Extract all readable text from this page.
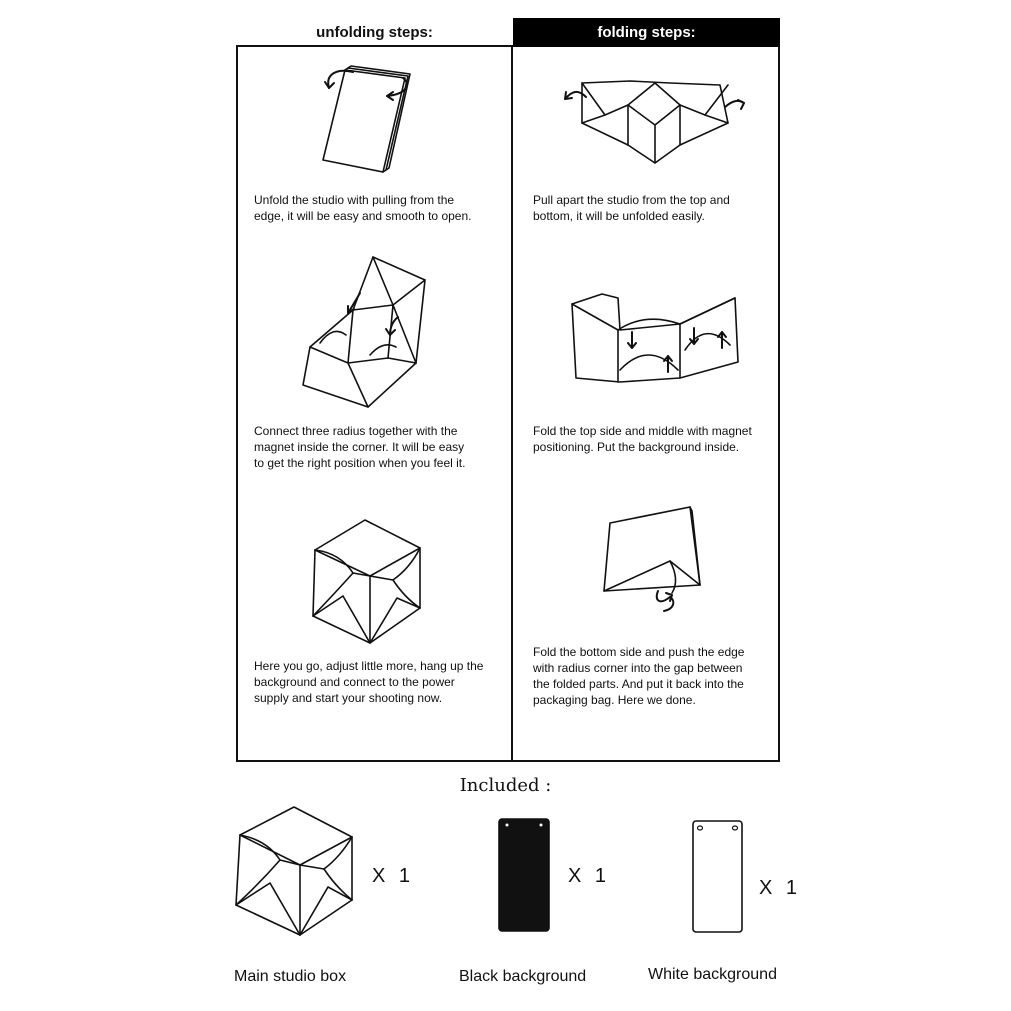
unfolding steps:	folding steps:

Unfold the studio with pulling from the
edge, it will be easy and smooth to open.

Connect three radius together with the
magnet inside the corner. It will be easy
to get the right position when you feel it.

Here you go, adjust little more, hang up the
background and connect to the power
supply and start your shooting now.

Pull apart the studio from the top and
bottom, it will be unfolded easily.

Fold the top side and middle with magnet
positioning. Put the background inside.

Fold the bottom side and push the edge
with radius corner into the gap between
the folded parts. And put it back into the
packaging bag. Here we done.

Included :
X 1
Main studio box
X 1
Black background
X 1
White background
